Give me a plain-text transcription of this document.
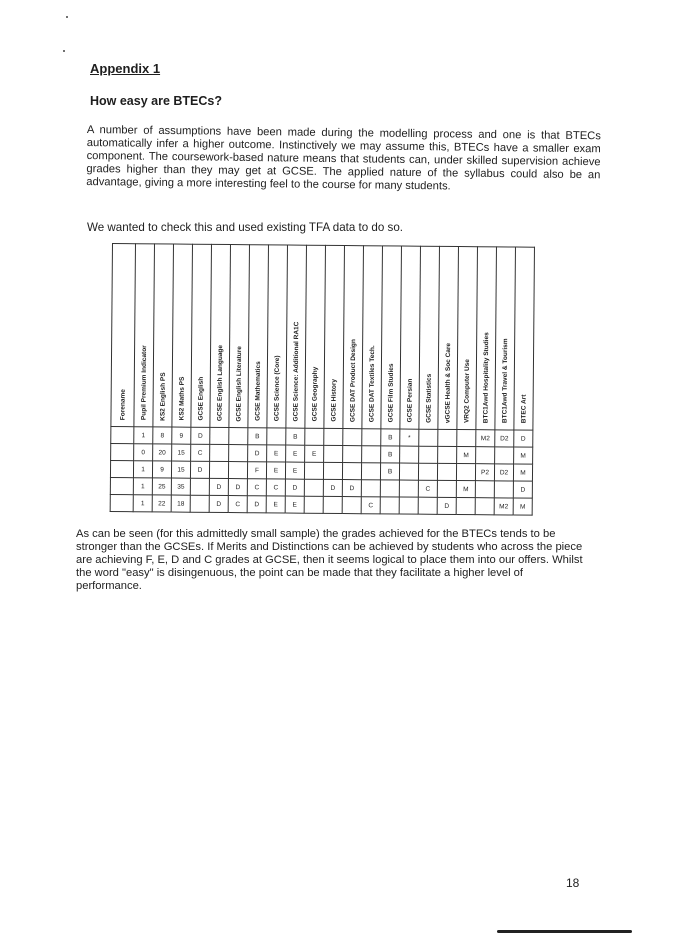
Appendix 1
How easy are BTECs?
A number of assumptions have been made during the modelling process and one is that BTECs automatically infer a higher outcome. Instinctively we may assume this, BTECs have a smaller exam component. The coursework-based nature means that students can, under skilled supervision achieve grades higher than they may get at GCSE. The applied nature of the syllabus could also be an advantage, giving a more interesting feel to the course for many students.
We wanted to check this and used existing TFA data to do so.
Forename	Pupil Premium Indicator	KS2 English PS	KS2 Maths PS	GCSE English	GCSE English Language	GCSE English Literature	GCSE Mathematics	GCSE Science (Core)	GCSE Science: Additional RA1C	GCSE Geography	GCSE History	GCSE DAT Product Design	GCSE DAT Textiles Tech.	GCSE Film Studies	GCSE Persian	GCSE Statistics	vGCSE Health & Soc Care	VRQ2 Computer Use	BTC1Awd Hospitality Studies	BTC1Awd Travel & Tourism	BTEC Art
	1	8	9	D			B		B					B	*				M2	D2	D
	0	20	15	C			D	E	E	E				B				M			M
	1	9	15	D			F	E	E					B					P2	D2	M
	1	25	35		D	D	C	C	D		D	D				C		M			D
	1	22	18		D	C	D	E	E				C				D			M2	M
As can be seen (for this admittedly small sample) the grades achieved for the BTECs tends to be stronger than the GCSEs. If Merits and Distinctions can be achieved by students who across the piece are achieving F, E, D and C grades at GCSE, then it seems logical to place them into our offers. Whilst the word "easy" is disingenuous, the point can be made that they facilitate a higher level of performance.
18
